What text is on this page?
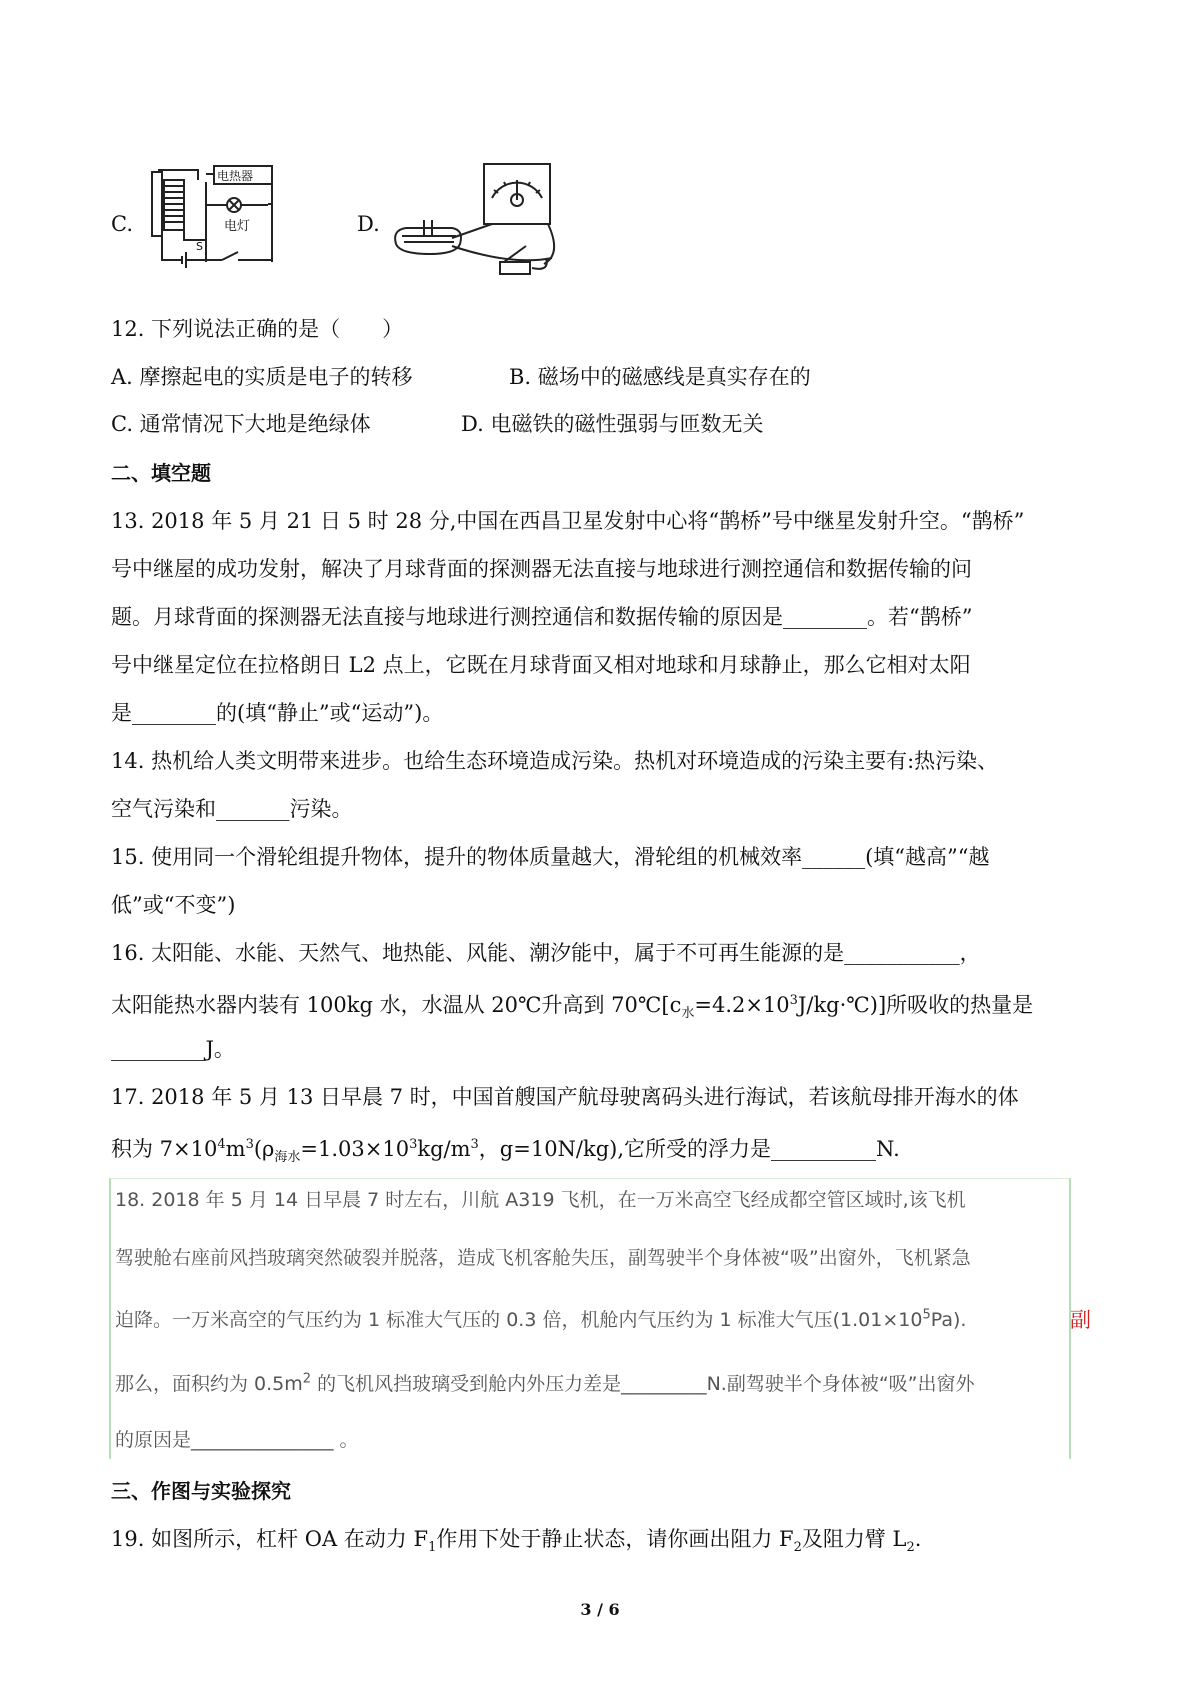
C.
电热器
电灯
S
D.
12. 下列说法正确的是（　　）
A. 摩擦起电的实质是电子的转移	B. 磁场中的磁感线是真实存在的
C. 通常情况下大地是绝绿体	D. 电磁铁的磁性强弱与匝数无关
二、填空题
13. 2018 年 5 月 21 日 5 时 28 分,中国在西昌卫星发射中心将“鹊桥”号中继星发射升空。“鹊桥”
号中继屋的成功发射，解决了月球背面的探测器无法直接与地球进行测控通信和数据传输的问
题。月球背面的探测器无法直接与地球进行测控通信和数据传输的原因是________。若“鹊桥”
号中继星定位在拉格朗日 L2 点上，它既在月球背面又相对地球和月球静止，那么它相对太阳
是________的(填“静止”或“运动”)。
14. 热机给人类文明带来进步。也给生态环境造成污染。热机对环境造成的污染主要有:热污染、
空气污染和_______污染。
15. 使用同一个滑轮组提升物体，提升的物体质量越大，滑轮组的机械效率______(填“越高”“越
低”或“不变”)
16. 太阳能、水能、天然气、地热能、风能、潮汐能中，属于不可再生能源的是___________，
太阳能热水器内装有 100kg 水，水温从 20℃升高到 $70℃[c_水=4.2\times 10^3J/kg\cdot℃)$]所吸收的热量是
_________J。
17. 2018 年 5 月 13 日早晨 7 时，中国首艘国产航母驶离码头进行海试，若该航母排开海水的体
积为 $7\times 10^4m^3(\rho_{海水}=1.03\times 10^3kg/m^3$，g=10N/kg),它所受的浮力是__________N.
18. 2018 年 5 月 14 日早晨 7 时左右，川航 A319 飞机，在一万米高空飞经成都空管区域时,该飞机
驾驶舱右座前风挡玻璃突然破裂并脱落，造成飞机客舱失压，副驾驶半个身体被“吸”出窗外，飞机紧急
迫降。一万米高空的气压约为 1 标准大气压的 0.3 倍，机舱内气压约为 1 标准大气压$(1.01\times 10^5Pa)$.
那么，面积约为 $0.5m^2$ 的飞机风挡玻璃受到舱内外压力差是_________N.副驾驶半个身体被“吸”出窗外
的原因是_______________ 。
副
三、作图与实验探究
19. 如图所示，杠杆 OA 在动力 $F_1$作用下处于静止状态，请你画出阻力 $F_2$及阻力臂 $L_2$.
3 / 6
